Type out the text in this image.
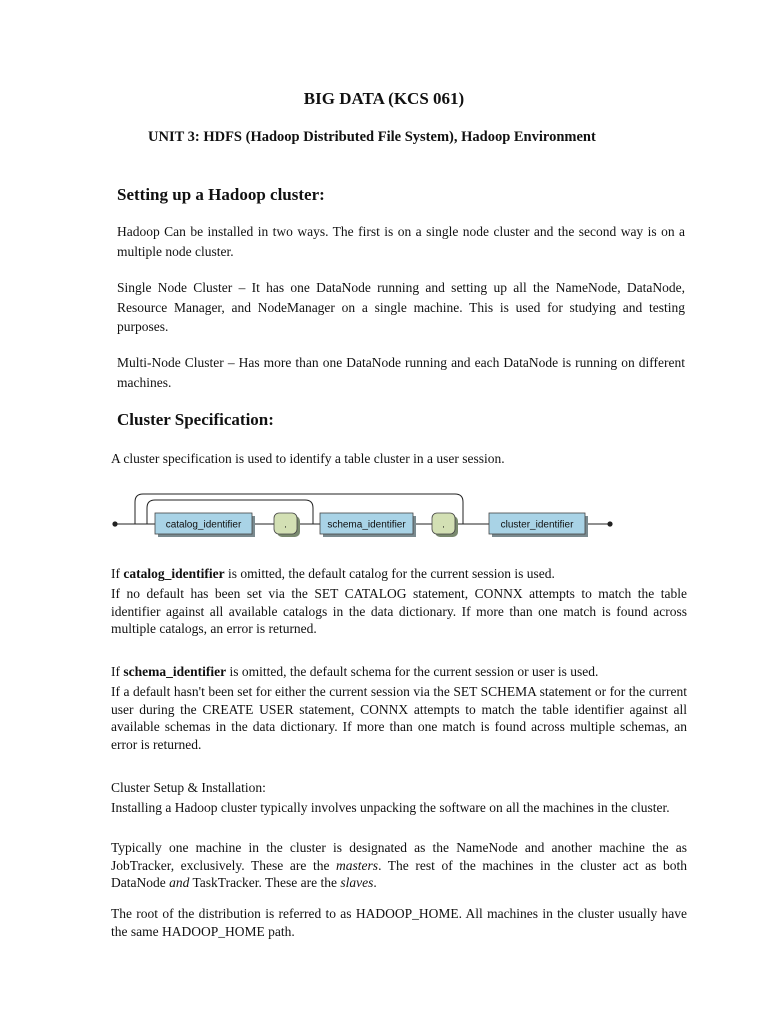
BIG DATA (KCS 061)
UNIT 3: HDFS (Hadoop Distributed File System), Hadoop Environment
Setting up a Hadoop cluster:

Hadoop Can be installed in two ways. The first is on a single node cluster and the second way is on a multiple node cluster.

Single Node Cluster – It has one DataNode running and setting up all the NameNode, DataNode, Resource Manager, and NodeManager on a single machine. This is used for studying and testing purposes.

Multi-Node Cluster – Has more than one DataNode running and each DataNode is running on different machines.

Cluster Specification:

A cluster specification is used to identify a table cluster in a user session.

catalog_identifier	.	schema_identifier	.	cluster_identifier

If catalog_identifier is omitted, the default catalog for the current session is used.

If no default has been set via the SET CATALOG statement, CONNX attempts to match the table identifier against all available catalogs in the data dictionary. If more than one match is found across multiple catalogs, an error is returned.

If schema_identifier is omitted, the default schema for the current session or user is used.

If a default hasn't been set for either the current session via the SET SCHEMA statement or for the current user during the CREATE USER statement, CONNX attempts to match the table identifier against all available schemas in the data dictionary. If more than one match is found across multiple schemas, an error is returned.

Cluster Setup & Installation:

Installing a Hadoop cluster typically involves unpacking the software on all the machines in the cluster.

Typically one machine in the cluster is designated as the NameNode and another machine the as JobTracker, exclusively. These are the masters. The rest of the machines in the cluster act as both DataNode and TaskTracker. These are the slaves.

The root of the distribution is referred to as HADOOP_HOME. All machines in the cluster usually have the same HADOOP_HOME path.
